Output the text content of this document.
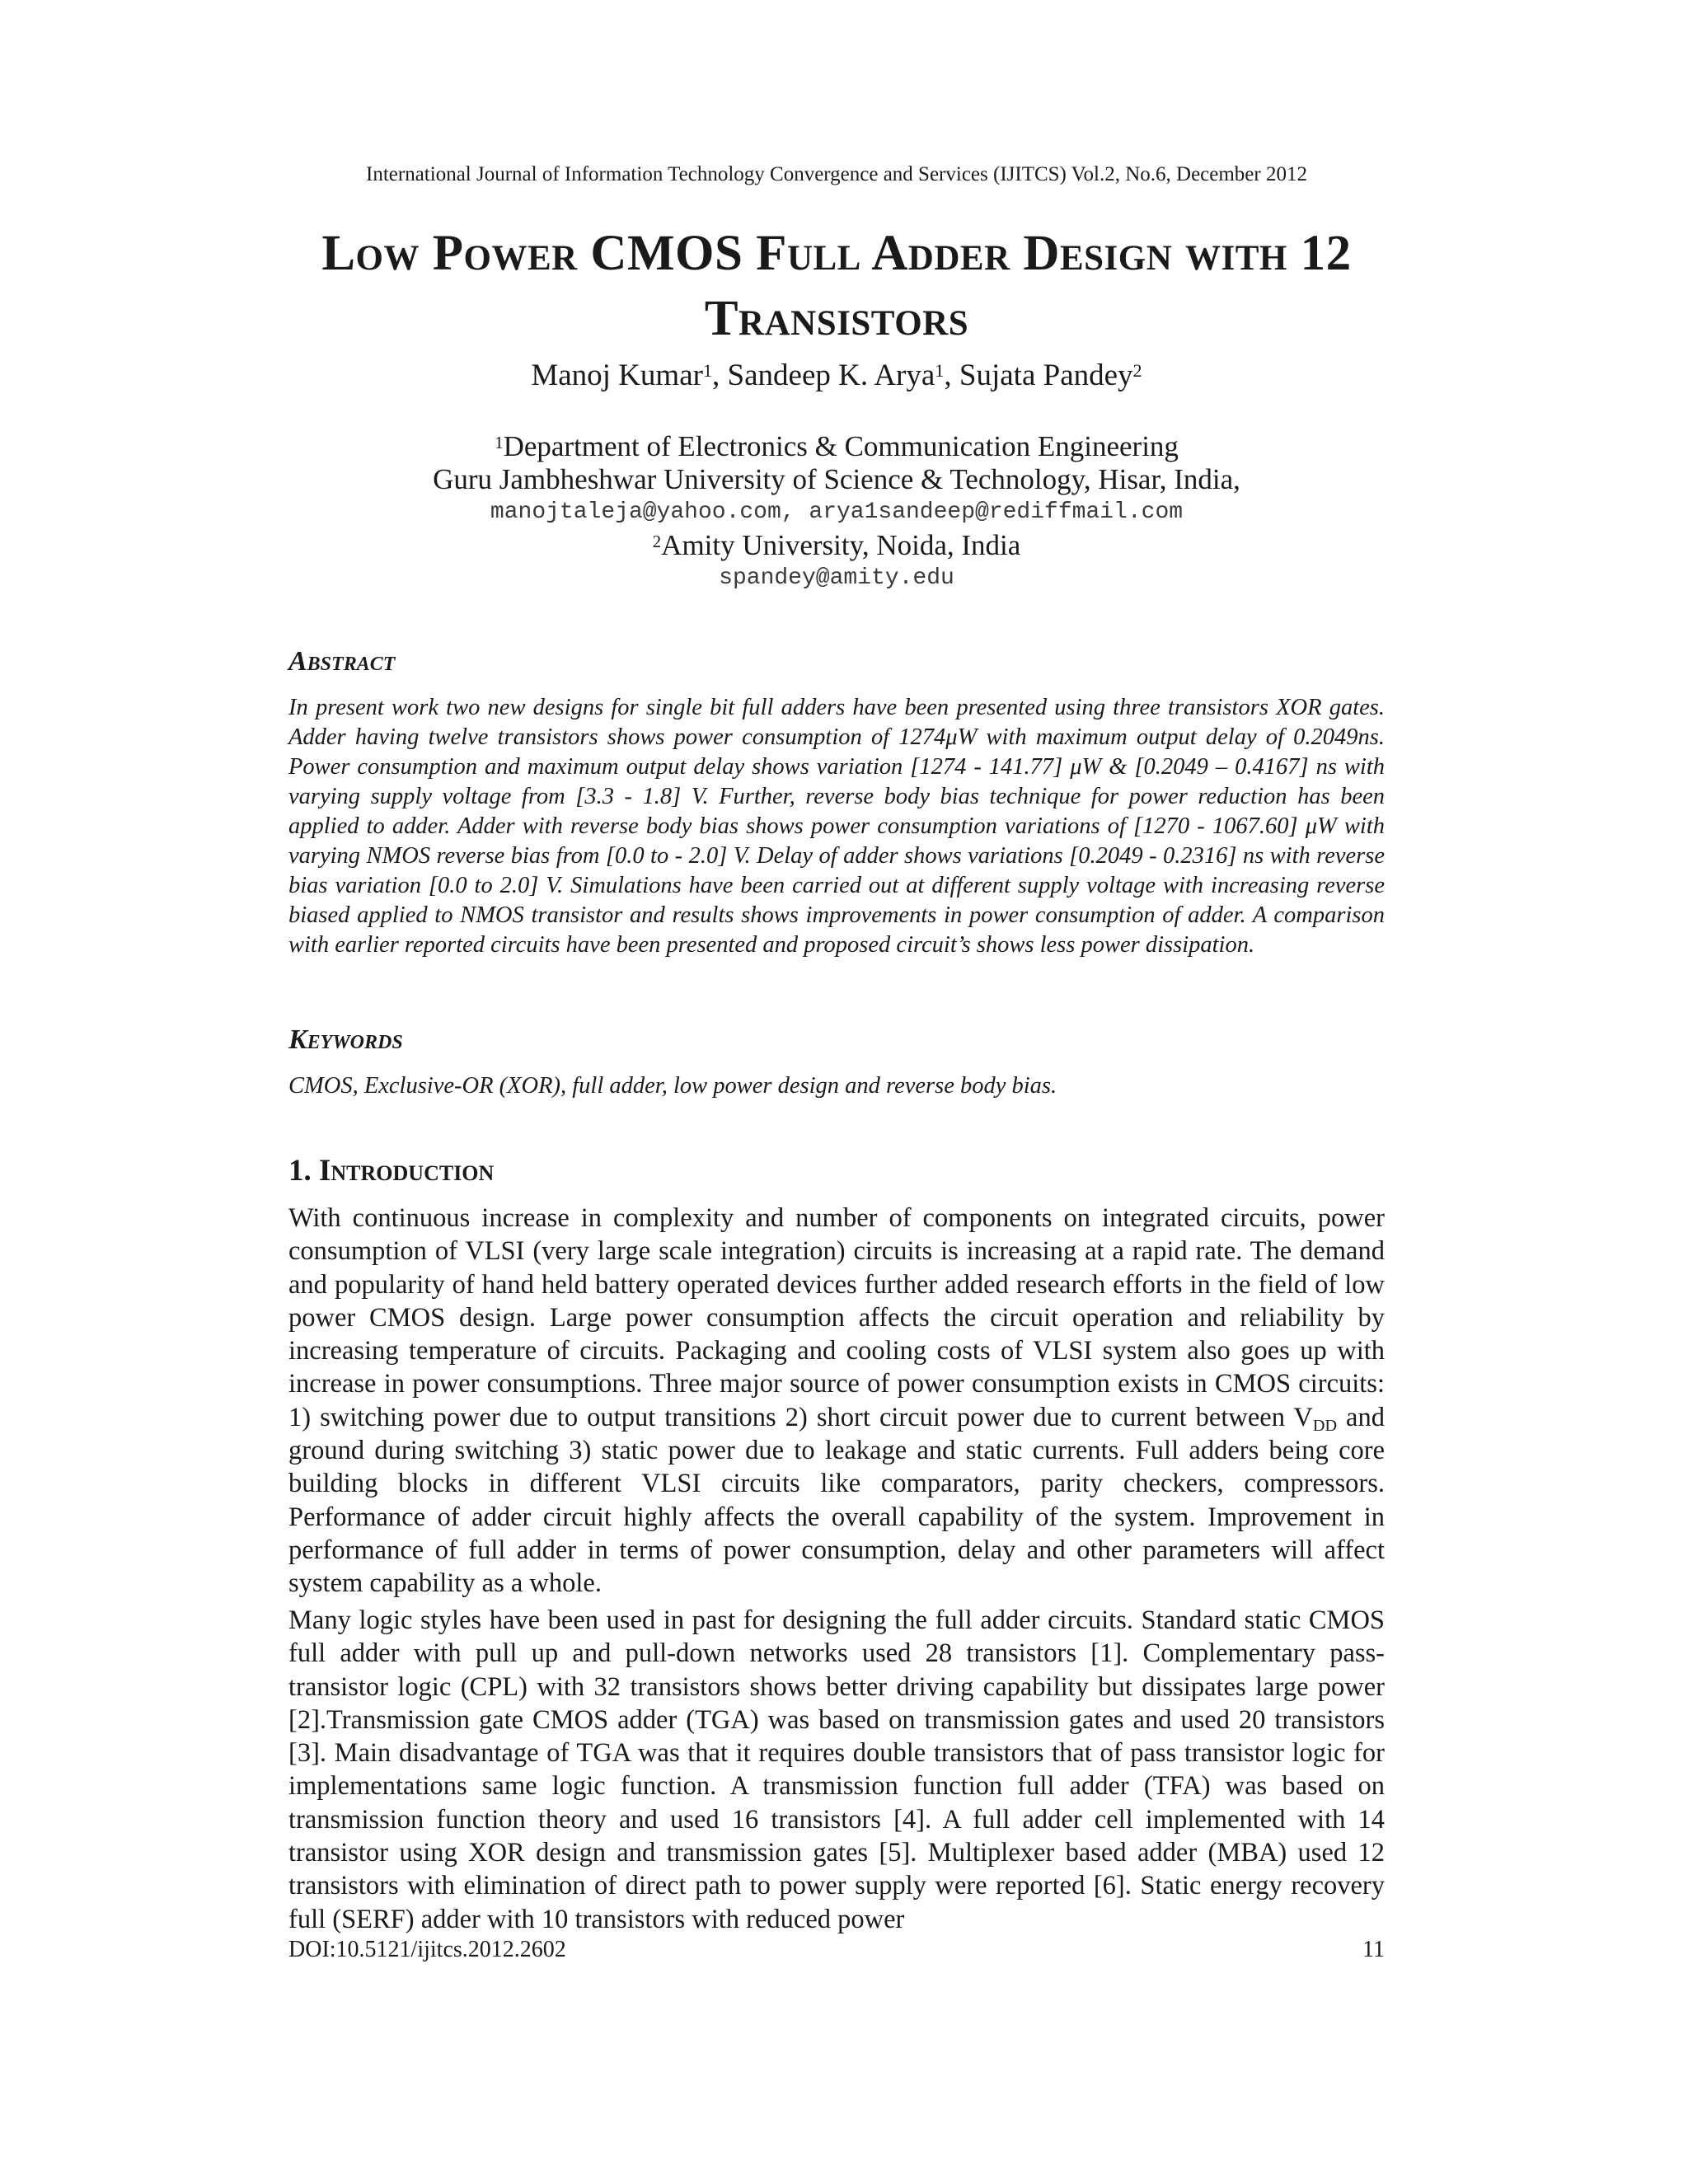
International Journal of Information Technology Convergence and Services (IJITCS) Vol.2, No.6, December 2012
Low Power CMOS Full Adder Design with 12
Transistors
Manoj Kumar$^1$, Sandeep K. Arya$^1$, Sujata Pandey$^2$
$^1$Department of Electronics & Communication Engineering
Guru Jambheshwar University of Science & Technology, Hisar, India,
manojtaleja@yahoo.com, arya1sandeep@rediffmail.com
$^2$Amity University, Noida, India
spandey@amity.edu
Abstract
In present work two new designs for single bit full adders have been presented using three transistors XOR gates. Adder having twelve transistors shows power consumption of 1274μW with maximum output delay of 0.2049ns. Power consumption and maximum output delay shows variation [1274 - 141.77] μW & [0.2049 – 0.4167] ns with varying supply voltage from [3.3 - 1.8] V. Further, reverse body bias technique for power reduction has been applied to adder. Adder with reverse body bias shows power consumption variations of [1270 - 1067.60] μW with varying NMOS reverse bias from [0.0 to - 2.0] V. Delay of adder shows variations [0.2049 - 0.2316] ns with reverse bias variation [0.0 to 2.0] V. Simulations have been carried out at different supply voltage with increasing reverse biased applied to NMOS transistor and results shows improvements in power consumption of adder. A comparison with earlier reported circuits have been presented and proposed circuit’s shows less power dissipation.
Keywords
CMOS, Exclusive-OR (XOR), full adder, low power design and reverse body bias.
1. Introduction
With continuous increase in complexity and number of components on integrated circuits, power consumption of VLSI (very large scale integration) circuits is increasing at a rapid rate. The demand and popularity of hand held battery operated devices further added research efforts in the field of low power CMOS design. Large power consumption affects the circuit operation and reliability by increasing temperature of circuits. Packaging and cooling costs of VLSI system also goes up with increase in power consumptions. Three major source of power consumption exists in CMOS circuits: 1) switching power due to output transitions 2) short circuit power due to current between $V_{DD}$ and ground during switching 3) static power due to leakage and static currents. Full adders being core building blocks in different VLSI circuits like comparators, parity checkers, compressors. Performance of adder circuit highly affects the overall capability of the system. Improvement in performance of full adder in terms of power consumption, delay and other parameters will affect system capability as a whole.
Many logic styles have been used in past for designing the full adder circuits. Standard static CMOS full adder with pull up and pull-down networks used 28 transistors [1]. Complementary pass-transistor logic (CPL) with 32 transistors shows better driving capability but dissipates large power [2].Transmission gate CMOS adder (TGA) was based on transmission gates and used 20 transistors [3]. Main disadvantage of TGA was that it requires double transistors that of pass transistor logic for implementations same logic function. A transmission function full adder (TFA) was based on transmission function theory and used 16 transistors [4]. A full adder cell implemented with 14 transistor using XOR design and transmission gates [5]. Multiplexer based adder (MBA) used 12 transistors with elimination of direct path to power supply were reported [6]. Static energy recovery full (SERF) adder with 10 transistors with reduced power
DOI:10.5121/ijitcs.2012.2602	11
